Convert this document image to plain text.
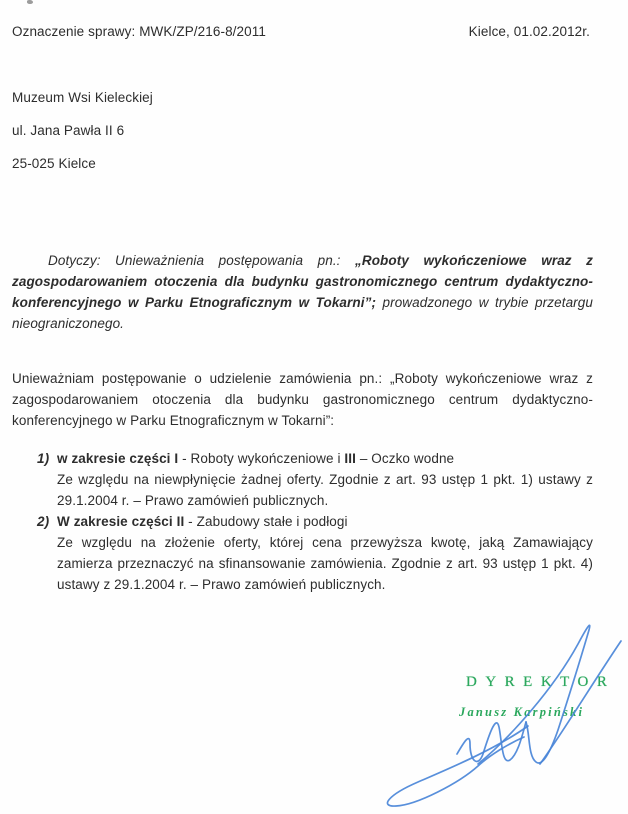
Oznaczenie sprawy: MWK/ZP/216-8/2011	Kielce, 01.02.2012r.
Muzeum Wsi Kieleckiej
ul. Jana Pawła II 6
25-025 Kielce

Dotyczy: Unieważnienia postępowania pn.: „Roboty wykończeniowe wraz z zagospodarowaniem otoczenia dla budynku gastronomicznego centrum dydaktyczno-konferencyjnego w Parku Etnograficznym w Tokarni”; prowadzonego w trybie przetargu nieograniczonego.

Unieważniam postępowanie o udzielenie zamówienia pn.: „Roboty wykończeniowe wraz z zagospodarowaniem otoczenia dla budynku gastronomicznego centrum dydaktyczno-konferencyjnego w Parku Etnograficznym w Tokarni”:

1) w zakresie części I - Roboty wykończeniowe i III – Oczko wodne
Ze względu na niewpłynięcie żadnej oferty. Zgodnie z art. 93 ustęp 1 pkt. 1) ustawy z 29.1.2004 r. – Prawo zamówień publicznych.
2) W zakresie części II - Zabudowy stałe i podłogi
Ze względu na złożenie oferty, której cena przewyższa kwotę, jaką Zamawiający zamierza przeznaczyć na sfinansowanie zamówienia. Zgodnie z art. 93 ustęp 1 pkt. 4) ustawy z 29.1.2004 r. – Prawo zamówień publicznych.
DYREKTOR
Janusz Karpiński
